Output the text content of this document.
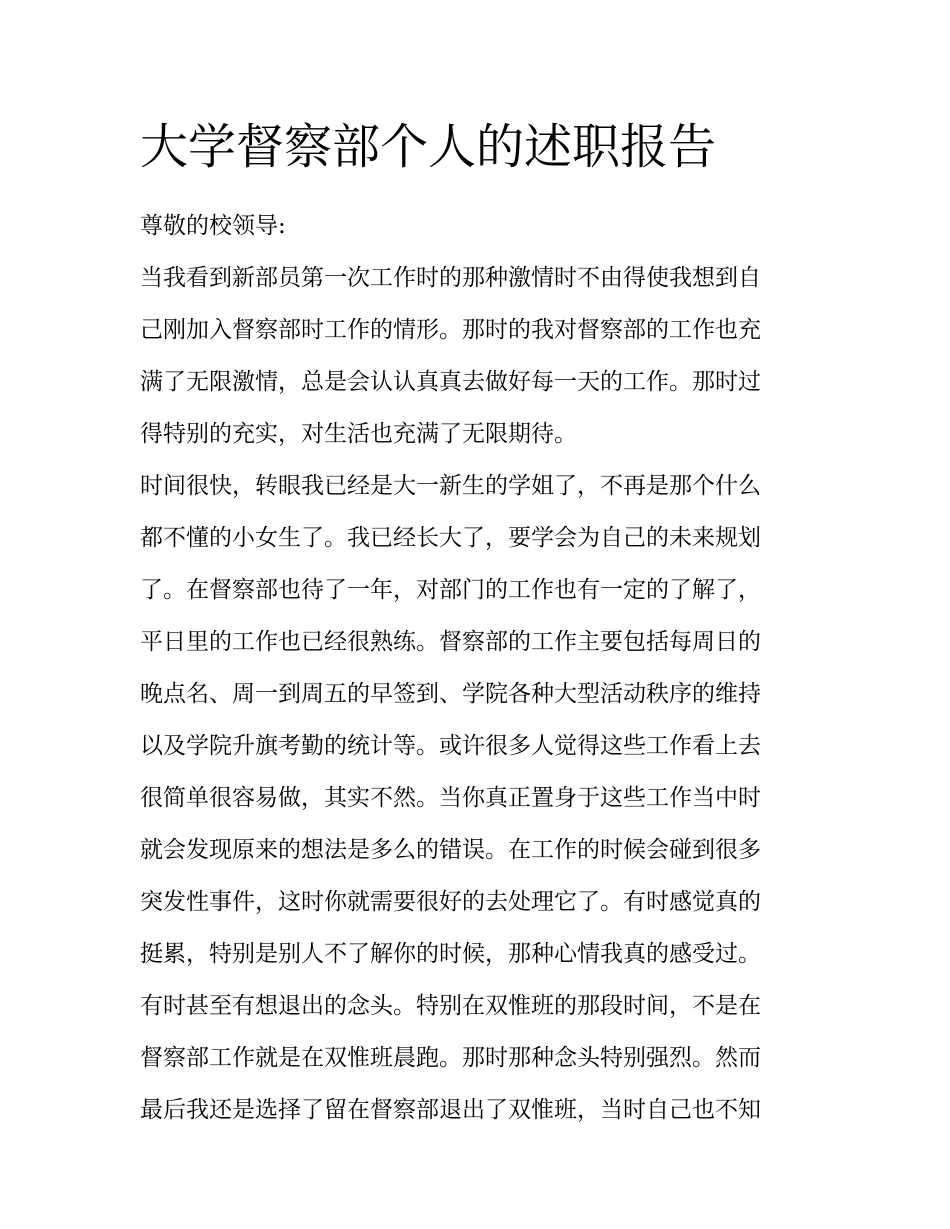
大学督察部个人的述职报告

尊敬的校领导:

当我看到新部员第一次工作时的那种激情时不由得使我想到自
己刚加入督察部时工作的情形。那时的我对督察部的工作也充
满了无限激情，总是会认认真真去做好每一天的工作。那时过
得特别的充实，对生活也充满了无限期待。
时间很快，转眼我已经是大一新生的学姐了，不再是那个什么
都不懂的小女生了。我已经长大了，要学会为自己的未来规划
了。在督察部也待了一年，对部门的工作也有一定的了解了，
平日里的工作也已经很熟练。督察部的工作主要包括每周日的
晚点名、周一到周五的早签到、学院各种大型活动秩序的维持
以及学院升旗考勤的统计等。或许很多人觉得这些工作看上去
很简单很容易做，其实不然。当你真正置身于这些工作当中时
就会发现原来的想法是多么的错误。在工作的时候会碰到很多
突发性事件，这时你就需要很好的去处理它了。有时感觉真的
挺累，特别是别人不了解你的时候，那种心情我真的感受过。
有时甚至有想退出的念头。特别在双惟班的那段时间，不是在
督察部工作就是在双惟班晨跑。那时那种念头特别强烈。然而
最后我还是选择了留在督察部退出了双惟班，当时自己也不知
